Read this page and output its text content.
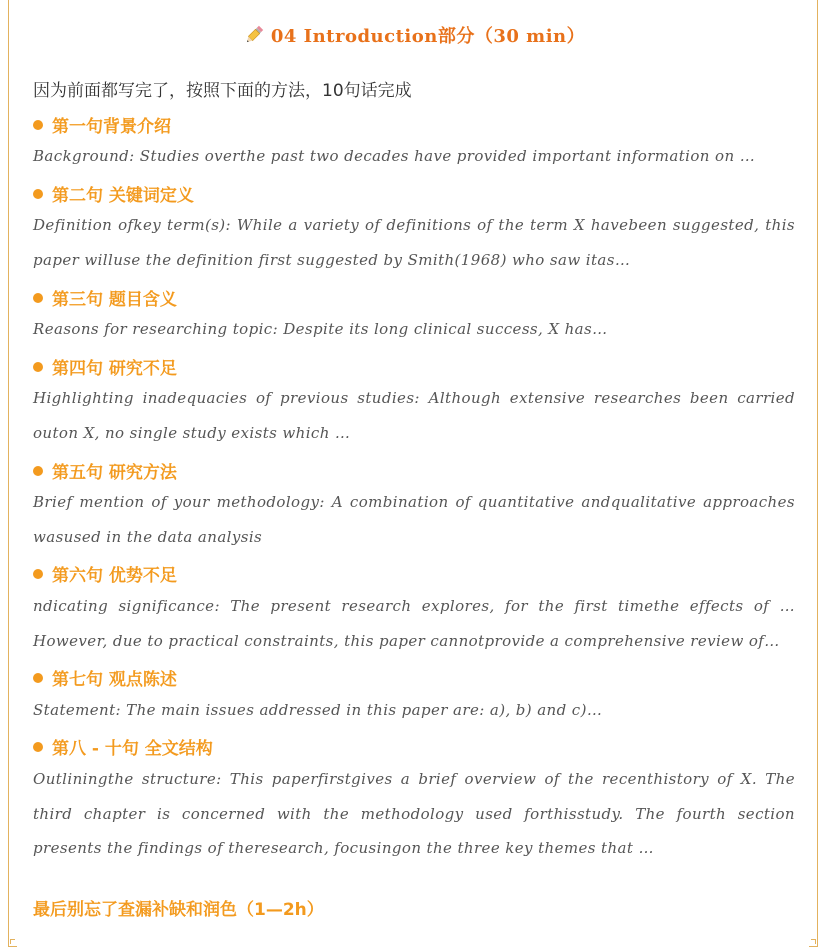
04 Introduction部分（30 min）
因为前面都写完了，按照下面的方法，10句话完成
第一句背景介绍
Background: Studies overthe past two decades have provided important information on …
第二句 关键词定义
Definition ofkey term(s): While a variety of definitions of the term X havebeen suggested, this paper willuse the definition first suggested by Smith(1968) who saw itas…
第三句 题目含义
Reasons for researching topic: Despite its long clinical success, X has…
第四句 研究不足
Highlighting inadequacies of previous studies: Although extensive researches been carried outon X, no single study exists which …
第五句 研究方法
Brief mention of your methodology: A combination of quantitative andqualitative approaches wasused in the data analysis
第六句 优势不足
ndicating significance: The present research explores, for the first timethe effects of …However, due to practical constraints, this paper cannotprovide a comprehensive review of…
第七句 观点陈述
Statement: The main issues addressed in this paper are: a), b) and c)…
第八 - 十句 全文结构
Outliningthe structure: This paperfirstgives a brief overview of the recenthistory of X. The third chapter is concerned with the methodology used forthisstudy. The fourth section presents the findings of theresearch, focusingon the three key themes that …
最后别忘了查漏补缺和润色（1—2h）
